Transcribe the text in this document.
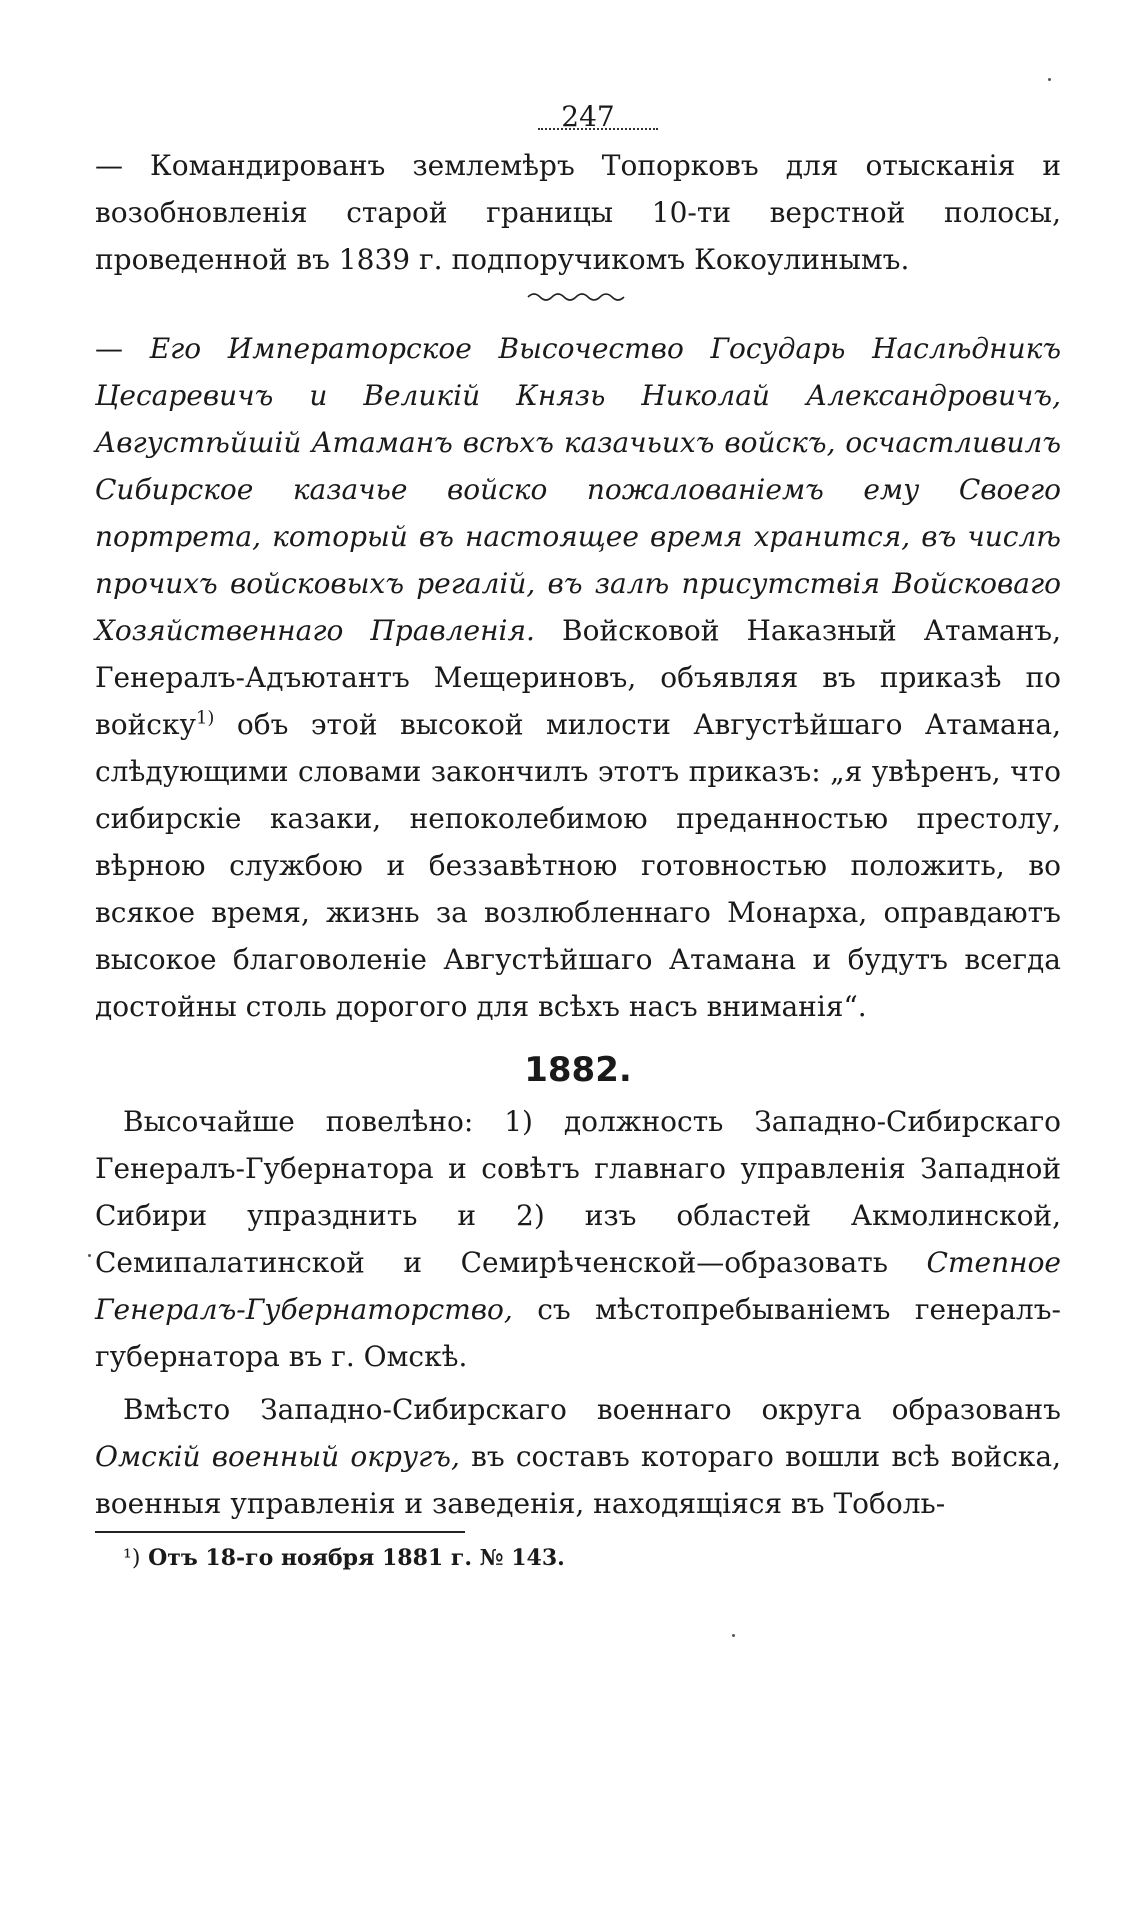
247

— Командированъ землемѣръ Топорковъ для отысканія и возобновленія старой границы 10-ти верстной полосы, проведенной въ 1839 г. подпоручикомъ Кокоулинымъ.

— Его Императорское Высочество Государь Наслѣдникъ Цесаревичъ и Великій Князь Николай Александровичъ, Августѣйшій Атаманъ всѣхъ казачьихъ войскъ, осчастливилъ Сибирское казачье войско пожалованіемъ ему Своего портрета, который въ настоящее время хранится, въ числѣ прочихъ войсковыхъ регалій, въ залѣ присутствія Войсковаго Хозяйственнаго Правленія. Войсковой Наказный Атаманъ, Генералъ-Адъютантъ Мещериновъ, объявляя въ приказѣ по войску$^{1)}$ объ этой высокой милости Августѣйшаго Атамана, слѣдующими словами закончилъ этотъ приказъ: „я увѣренъ, что сибирскіе казаки, непоколебимою преданностью престолу, вѣрною службою и беззавѣтною готовностью положить, во всякое время, жизнь за возлюбленнаго Монарха, оправдаютъ высокое благоволеніе Августѣйшаго Атамана и будутъ всегда достойны столь дорогого для всѣхъ насъ вниманія“.

1882.

Высочайше повелѣно: 1) должность Западно-Сибирскаго Генералъ-Губернатора и совѣтъ главнаго управленія Западной Сибири упразднить и 2) изъ областей Акмолинской, Семипалатинской и Семирѣченской—образовать Степное Генералъ-Губернаторство, съ мѣстопребываніемъ генералъ-губернатора въ г. Омскѣ.

Вмѣсто Западно-Сибирскаго военнаго округа образованъ Омскій военный округъ, въ составъ котораго вошли всѣ войска, военныя управленія и заведенія, находящіяся въ Тоболь-

¹) Отъ 18-го ноября 1881 г. № 143.
